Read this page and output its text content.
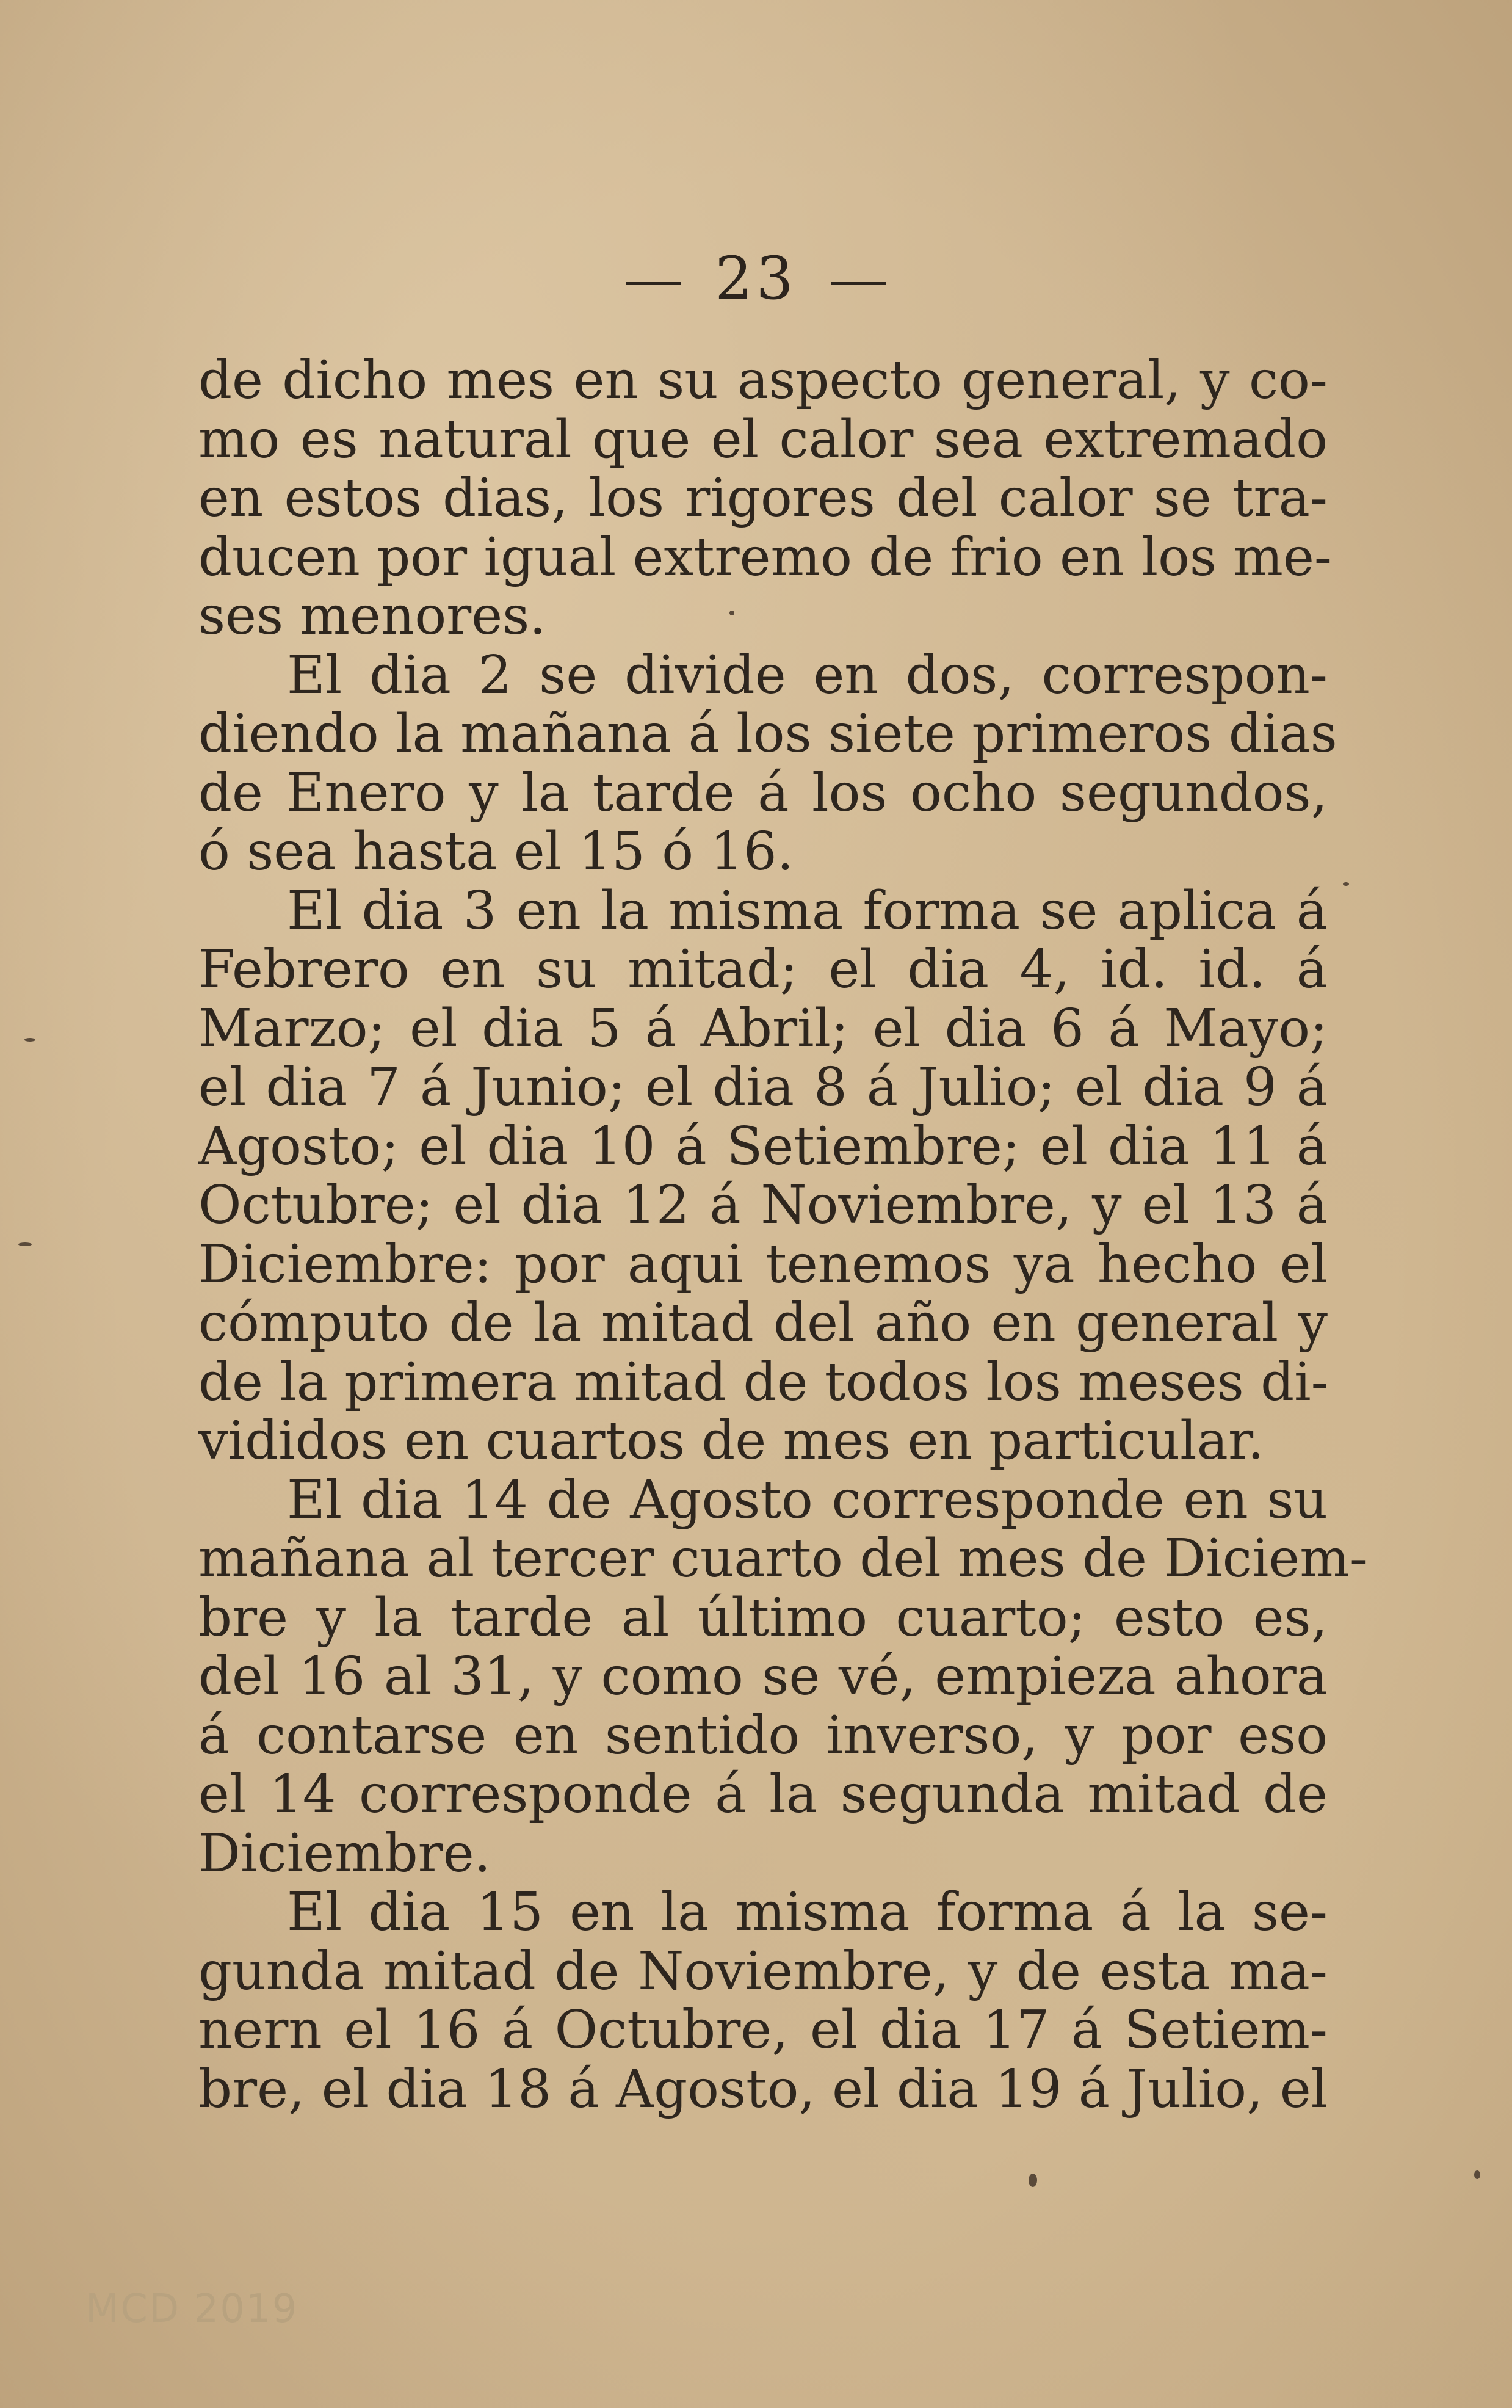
23
de dicho mes en su aspecto general, y co-
mo es natural que el calor sea extremado
en estos dias, los rigores del calor se tra-
ducen por igual extremo de frio en los me-
ses menores.
El dia 2 se divide en dos, correspon-
diendo la mañana á los siete primeros dias
de Enero y la tarde á los ocho segundos,
ó sea hasta el 15 ó 16.
El dia 3 en la misma forma se aplica á
Febrero en su mitad; el dia 4, id. id. á
Marzo; el dia 5 á Abril; el dia 6 á Mayo;
el dia 7 á Junio; el dia 8 á Julio; el dia 9 á
Agosto; el dia 10 á Setiembre; el dia 11 á
Octubre; el dia 12 á Noviembre, y el 13 á
Diciembre: por aqui tenemos ya hecho el
cómputo de la mitad del año en general y
de la primera mitad de todos los meses di-
vididos en cuartos de mes en particular.
El dia 14 de Agosto corresponde en su
mañana al tercer cuarto del mes de Diciem-
bre y la tarde al último cuarto; esto es,
del 16 al 31, y como se vé, empieza ahora
á contarse en sentido inverso, y por eso
el 14 corresponde á la segunda mitad de
Diciembre.
El dia 15 en la misma forma á la se-
gunda mitad de Noviembre, y de esta ma-
nern el 16 á Octubre, el dia 17 á Setiem-
bre, el dia 18 á Agosto, el dia 19 á Julio, el
MCD 2019
